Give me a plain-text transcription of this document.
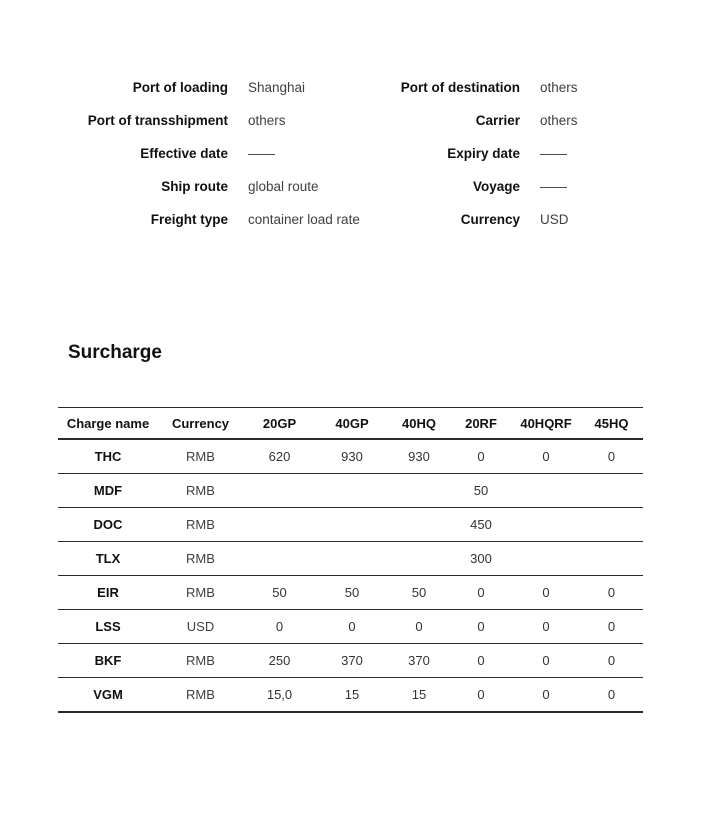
Port of loading Shanghai
Port of transshipment others
Effective date ——
Ship route global route
Freight type container load rate
Port of destination others
Carrier others
Expiry date ——
Voyage ——
Currency USD
Surcharge
Charge name	Currency	20GP	40GP	40HQ	20RF	40HQRF	45HQ
THC	RMB	620	930	930	0	0	0
MDF	RMB				50		
DOC	RMB				450		
TLX	RMB				300		
EIR	RMB	50	50	50	0	0	0
LSS	USD	0	0	0	0	0	0
BKF	RMB	250	370	370	0	0	0
VGM	RMB	15,0	15	15	0	0	0
